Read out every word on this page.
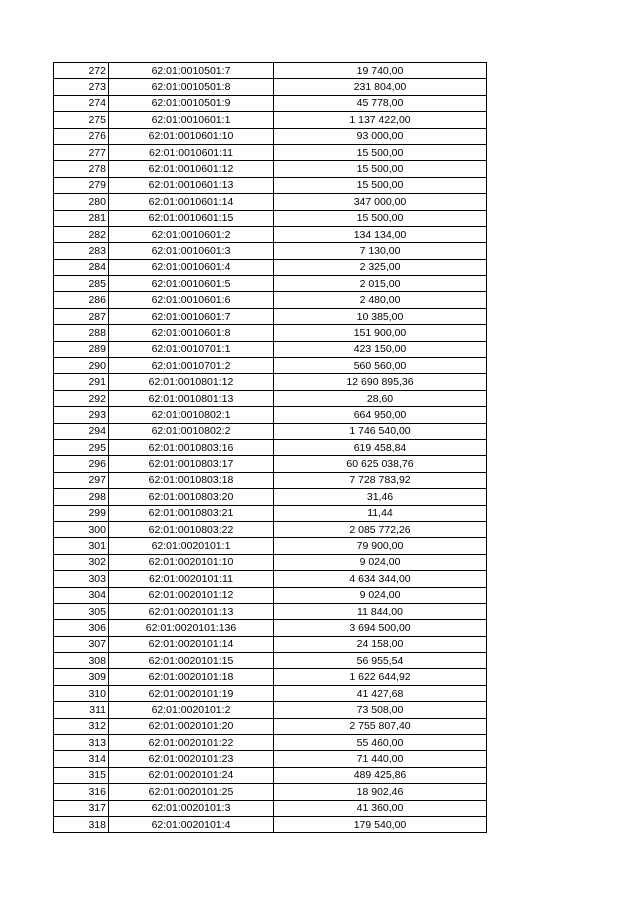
272	62:01:0010501:7	19 740,00
273	62:01:0010501:8	231 804,00
274	62:01:0010501:9	45 778,00
275	62:01:0010601:1	1 137 422,00
276	62:01:0010601:10	93 000,00
277	62:01:0010601:11	15 500,00
278	62:01:0010601:12	15 500,00
279	62:01:0010601:13	15 500,00
280	62:01:0010601:14	347 000,00
281	62:01:0010601:15	15 500,00
282	62:01:0010601:2	134 134,00
283	62:01:0010601:3	7 130,00
284	62:01:0010601:4	2 325,00
285	62:01:0010601:5	2 015,00
286	62:01:0010601:6	2 480,00
287	62:01:0010601:7	10 385,00
288	62:01:0010601:8	151 900,00
289	62:01:0010701:1	423 150,00
290	62:01:0010701:2	560 560,00
291	62:01:0010801:12	12 690 895,36
292	62:01:0010801:13	28,60
293	62:01:0010802:1	664 950,00
294	62:01:0010802:2	1 746 540,00
295	62:01:0010803:16	619 458,84
296	62:01:0010803:17	60 625 038,76
297	62:01:0010803:18	7 728 783,92
298	62:01:0010803:20	31,46
299	62:01:0010803:21	11,44
300	62:01:0010803:22	2 085 772,26
301	62:01:0020101:1	79 900,00
302	62:01:0020101:10	9 024,00
303	62:01:0020101:11	4 634 344,00
304	62:01:0020101:12	9 024,00
305	62:01:0020101:13	11 844,00
306	62:01:0020101:136	3 694 500,00
307	62:01:0020101:14	24 158,00
308	62:01:0020101:15	56 955,54
309	62:01:0020101:18	1 622 644,92
310	62:01:0020101:19	41 427,68
311	62:01:0020101:2	73 508,00
312	62:01:0020101:20	2 755 807,40
313	62:01:0020101:22	55 460,00
314	62:01:0020101:23	71 440,00
315	62:01:0020101:24	489 425,86
316	62:01:0020101:25	18 902,46
317	62:01:0020101:3	41 360,00
318	62:01:0020101:4	179 540,00
